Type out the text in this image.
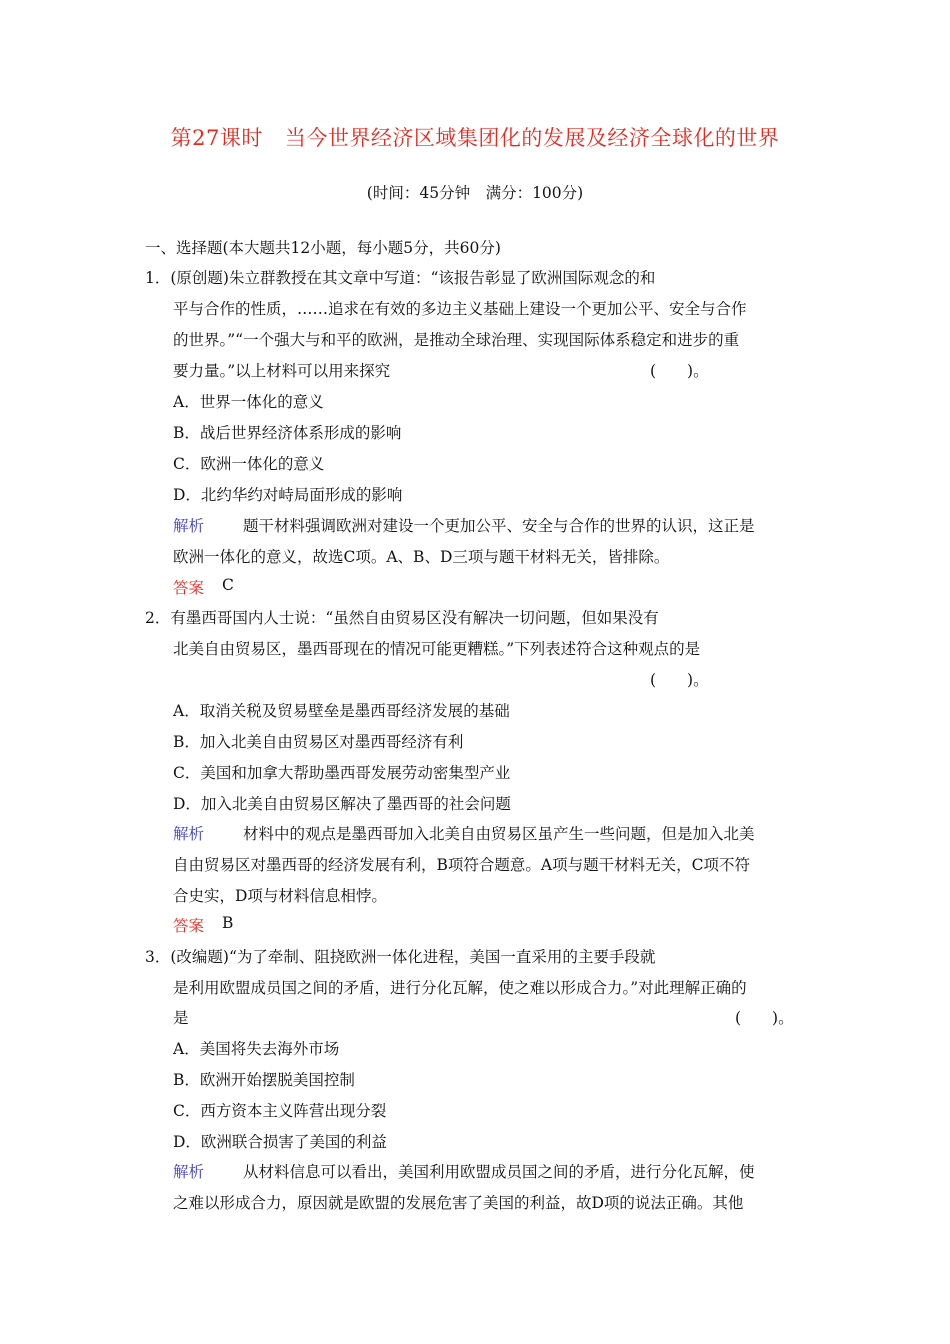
第27课时 当今世界经济区域集团化的发展及经济全球化的世界
(时间：45分钟　满分：100分)
一、选择题(本大题共12小题，每小题5分，共60分)
1．(原创题)朱立群教授在其文章中写道：“该报告彰显了欧洲国际观念的和
平与合作的性质，……追求在有效的多边主义基础上建设一个更加公平、安全与合作
的世界。”“一个强大与和平的欧洲，是推动全球治理、实现国际体系稳定和进步的重
要力量。”以上材料可以用来探究	(　　)。
A．世界一体化的意义
B．战后世界经济体系形成的影响
C．欧洲一体化的意义
D．北约华约对峙局面形成的影响
解析	题干材料强调欧洲对建设一个更加公平、安全与合作的世界的认识，这正是
欧洲一体化的意义，故选C项。A、B、D三项与题干材料无关，皆排除。
答案 C
2．有墨西哥国内人士说：“虽然自由贸易区没有解决一切问题，但如果没有
北美自由贸易区，墨西哥现在的情况可能更糟糕。”下列表述符合这种观点的是
(　　)。
A．取消关税及贸易壁垒是墨西哥经济发展的基础
B．加入北美自由贸易区对墨西哥经济有利
C．美国和加拿大帮助墨西哥发展劳动密集型产业
D．加入北美自由贸易区解决了墨西哥的社会问题
解析	材料中的观点是墨西哥加入北美自由贸易区虽产生一些问题，但是加入北美
自由贸易区对墨西哥的经济发展有利，B项符合题意。A项与题干材料无关，C项不符
合史实，D项与材料信息相悖。
答案 B
3．(改编题)“为了牵制、阻挠欧洲一体化进程，美国一直采用的主要手段就
是利用欧盟成员国之间的矛盾，进行分化瓦解，使之难以形成合力。”对此理解正确的
是	(　　)。
A．美国将失去海外市场
B．欧洲开始摆脱美国控制
C．西方资本主义阵营出现分裂
D．欧洲联合损害了美国的利益
解析	从材料信息可以看出，美国利用欧盟成员国之间的矛盾，进行分化瓦解，使
之难以形成合力，原因就是欧盟的发展危害了美国的利益，故D项的说法正确。其他
